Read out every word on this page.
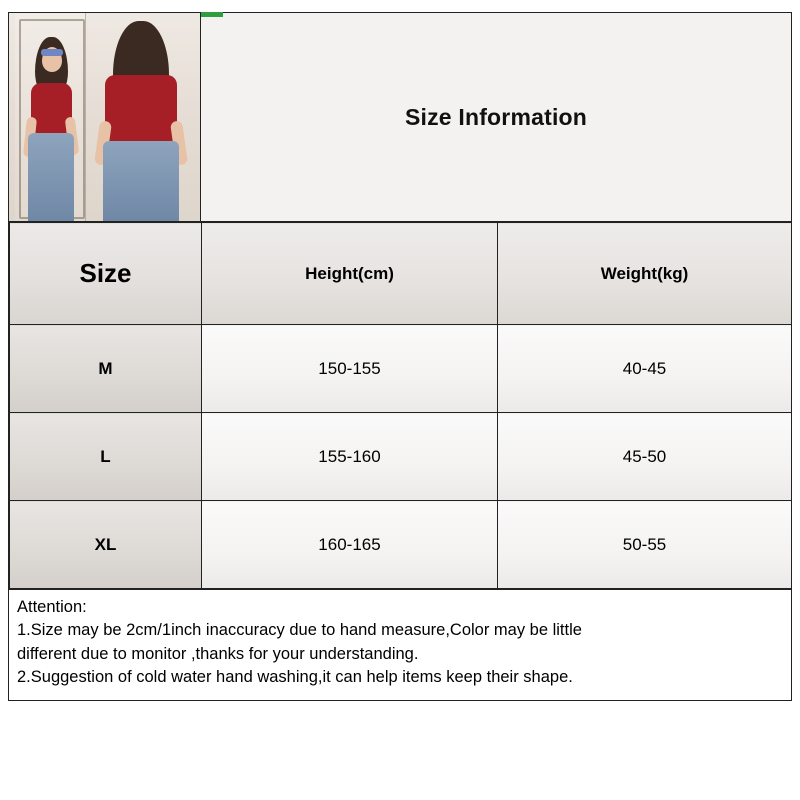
Size Information
Size	Height(cm)	Weight(kg)
M	150-155	40-45
L	155-160	45-50
XL	160-165	50-55
Attention:
1.Size may be 2cm/1inch inaccuracy due to hand measure,Color may be little
different due to monitor ,thanks for your understanding.
2.Suggestion of cold water hand washing,it can help items keep their shape.
